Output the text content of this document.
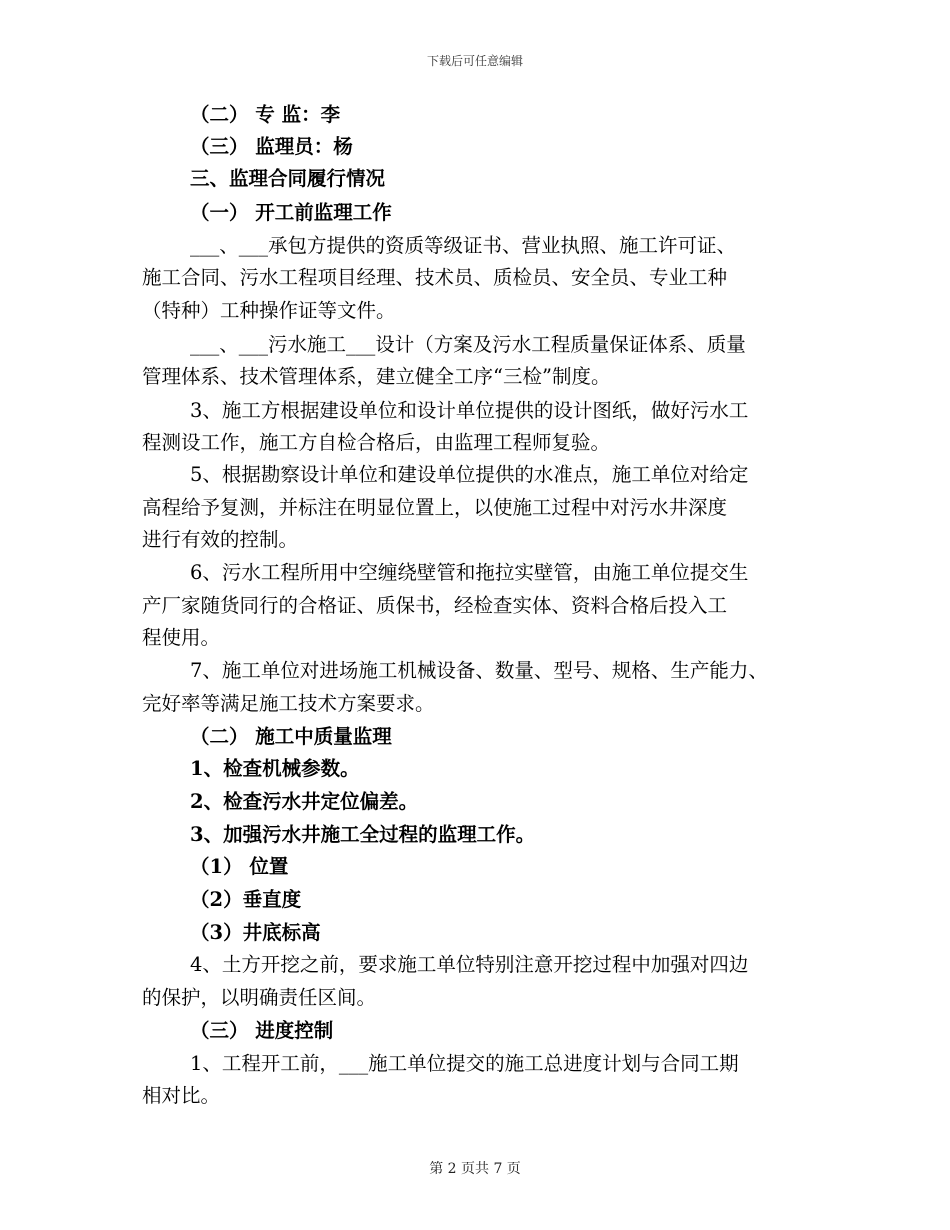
下载后可任意编辑
（二） 专 监：李
（三） 监理员：杨
三、监理合同履行情况
（一） 开工前监理工作
___、___承包方提供的资质等级证书、营业执照、施工许可证、
施工合同、污水工程项目经理、技术员、质检员、安全员、专业工种
（特种）工种操作证等文件。
___、___污水施工___设计（方案及污水工程质量保证体系、质量
管理体系、技术管理体系，建立健全工序“三检”制度。
3、施工方根据建设单位和设计单位提供的设计图纸，做好污水工
程测设工作，施工方自检合格后，由监理工程师复验。
5、根据勘察设计单位和建设单位提供的水准点，施工单位对给定
高程给予复测，并标注在明显位置上，以使施工过程中对污水井深度
进行有效的控制。
6、污水工程所用中空缠绕壁管和拖拉实壁管，由施工单位提交生
产厂家随货同行的合格证、质保书，经检查实体、资料合格后投入工
程使用。
7、施工单位对进场施工机械设备、数量、型号、规格、生产能力、
完好率等满足施工技术方案要求。
（二） 施工中质量监理
1、检查机械参数。
2、检查污水井定位偏差。
3、加强污水井施工全过程的监理工作。
（1） 位置
（2）垂直度
（3）井底标高
4、土方开挖之前，要求施工单位特别注意开挖过程中加强对四边
的保护，以明确责任区间。
（三） 进度控制
1、工程开工前，___施工单位提交的施工总进度计划与合同工期
相对比。
第 2 页共 7 页
